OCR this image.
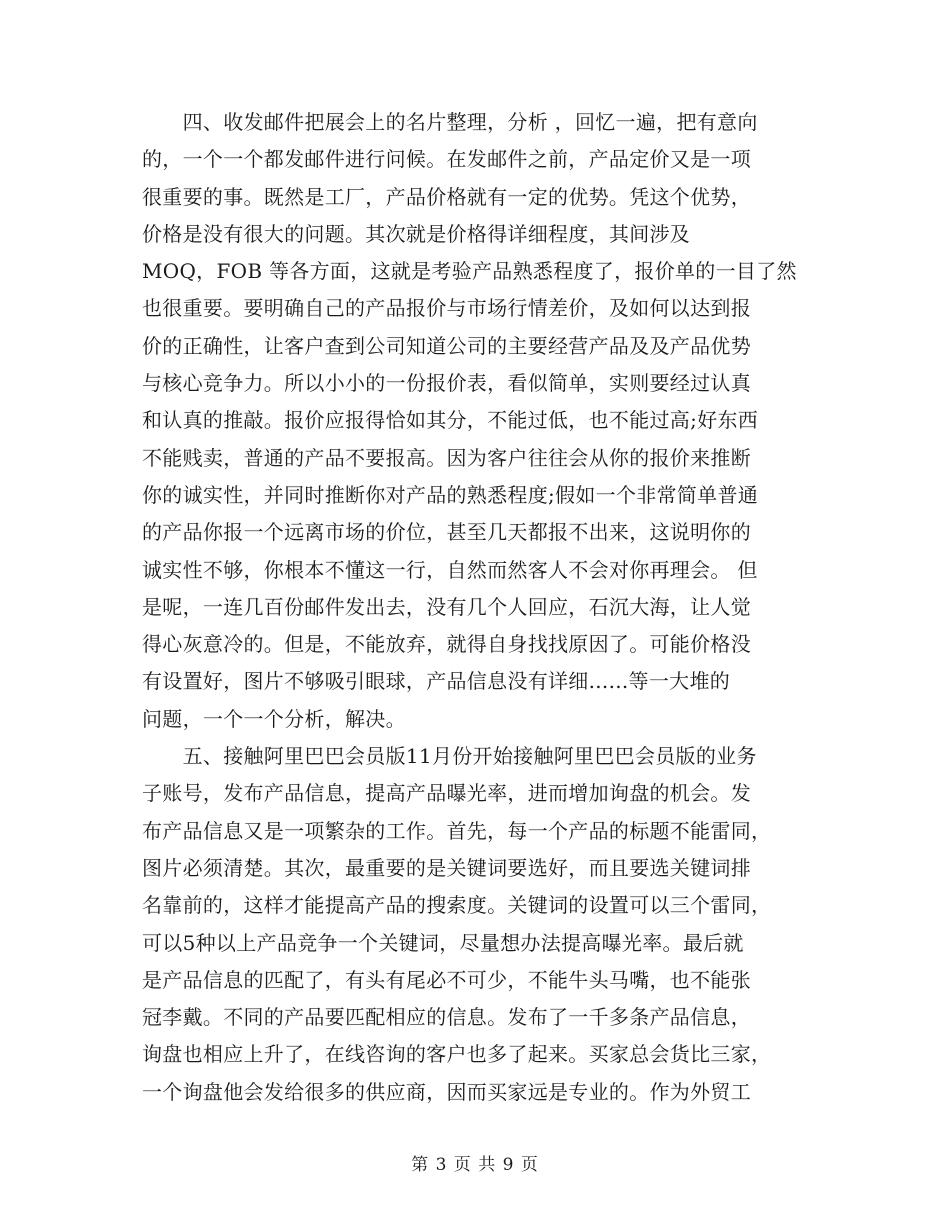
　　四、收发邮件把展会上的名片整理，分析 ，回忆一遍，把有意向
的，一个一个都发邮件进行问候。在发邮件之前，产品定价又是一项
很重要的事。既然是工厂，产品价格就有一定的优势。凭这个优势，
价格是没有很大的问题。其次就是价格得详细程度，其间涉及
MOQ，FOB 等各方面，这就是考验产品熟悉程度了，报价单的一目了然
也很重要。要明确自己的产品报价与市场行情差价，及如何以达到报
价的正确性，让客户查到公司知道公司的主要经营产品及及产品优势
与核心竞争力。所以小小的一份报价表，看似简单，实则要经过认真
和认真的推敲。报价应报得恰如其分，不能过低，也不能过高;好东西
不能贱卖，普通的产品不要报高。因为客户往往会从你的报价来推断
你的诚实性，并同时推断你对产品的熟悉程度;假如一个非常简单普通
的产品你报一个远离市场的价位，甚至几天都报不出来，这说明你的
诚实性不够，你根本不懂这一行，自然而然客人不会对你再理会。 但
是呢，一连几百份邮件发出去，没有几个人回应，石沉大海，让人觉
得心灰意冷的。但是，不能放弃，就得自身找找原因了。可能价格没
有设置好，图片不够吸引眼球，产品信息没有详细......等一大堆的
问题，一个一个分析，解决。
　　五、接触阿里巴巴会员版11月份开始接触阿里巴巴会员版的业务
子账号，发布产品信息，提高产品曝光率，进而增加询盘的机会。发
布产品信息又是一项繁杂的工作。首先，每一个产品的标题不能雷同，
图片必须清楚。其次，最重要的是关键词要选好，而且要选关键词排
名靠前的，这样才能提高产品的搜索度。关键词的设置可以三个雷同，
可以5种以上产品竞争一个关键词，尽量想办法提高曝光率。最后就
是产品信息的匹配了，有头有尾必不可少，不能牛头马嘴，也不能张
冠李戴。不同的产品要匹配相应的信息。发布了一千多条产品信息，
询盘也相应上升了，在线咨询的客户也多了起来。买家总会货比三家，
一个询盘他会发给很多的供应商，因而买家远是专业的。作为外贸工
第 3 页 共 9 页
